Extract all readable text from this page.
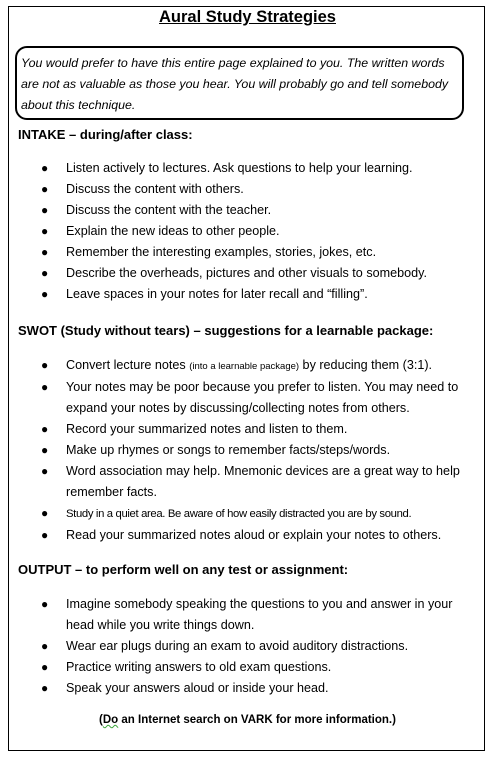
Aural Study Strategies
You would prefer to have this entire page explained to you. The written words are not as valuable as those you hear. You will probably go and tell somebody about this technique.
INTAKE – during/after class:
● Listen actively to lectures. Ask questions to help your learning.
● Discuss the content with others.
● Discuss the content with the teacher.
● Explain the new ideas to other people.
● Remember the interesting examples, stories, jokes, etc.
● Describe the overheads, pictures and other visuals to somebody.
● Leave spaces in your notes for later recall and “filling”.
SWOT (Study without tears) – suggestions for a learnable package:
● Convert lecture notes (into a learnable package) by reducing them (3:1).
● Your notes may be poor because you prefer to listen. You may need to expand your notes by discussing/collecting notes from others.
● Record your summarized notes and listen to them.
● Make up rhymes or songs to remember facts/steps/words.
● Word association may help. Mnemonic devices are a great way to help remember facts.
● Study in a quiet area. Be aware of how easily distracted you are by sound.
● Read your summarized notes aloud or explain your notes to others.
OUTPUT – to perform well on any test or assignment:
● Imagine somebody speaking the questions to you and answer in your head while you write things down.
● Wear ear plugs during an exam to avoid auditory distractions.
● Practice writing answers to old exam questions.
● Speak your answers aloud or inside your head.
(Do an Internet search on VARK for more information.)
